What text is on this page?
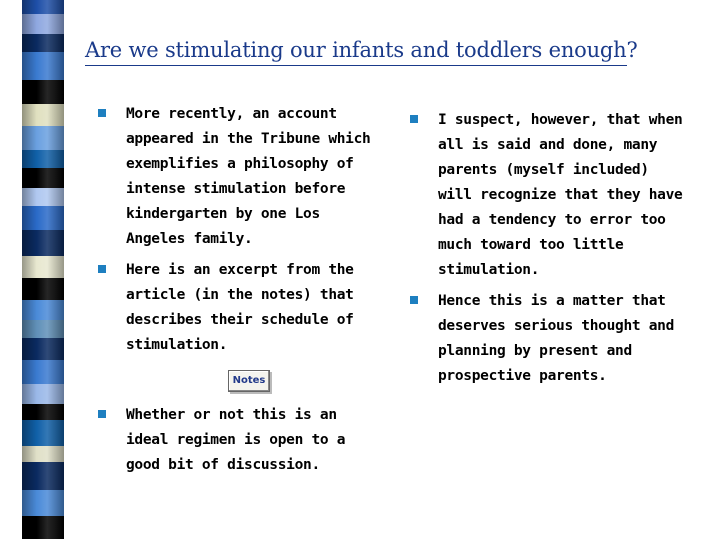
Are we stimulating our infants and toddlers enough?
More recently, an account appeared in the Tribune which exemplifies a philosophy of intense stimulation before kindergarten by one Los Angeles family.
Here is an excerpt from the article (in the notes) that describes their schedule of stimulation.
Notes
Whether or not this is an ideal regimen is open to a good bit of discussion.
I suspect, however, that when all is said and done, many parents (myself included) will recognize that they have had a tendency to error too much toward too little stimulation.
Hence this is a matter that deserves serious thought and planning by present and prospective parents.
